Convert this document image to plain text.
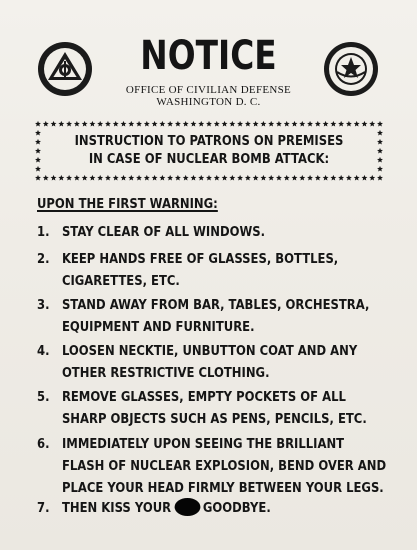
NOTICE
OFFICE OF CIVILIAN DEFENSE
WASHINGTON D. C.
INSTRUCTION TO PATRONS ON PREMISES
IN CASE OF NUCLEAR BOMB ATTACK:
UPON THE FIRST WARNING:
1. STAY CLEAR OF ALL WINDOWS.
2. KEEP HANDS FREE OF GLASSES, BOTTLES,
CIGARETTES, ETC.
3. STAND AWAY FROM BAR, TABLES, ORCHESTRA,
EQUIPMENT AND FURNITURE.
4. LOOSEN NECKTIE, UNBUTTON COAT AND ANY
OTHER RESTRICTIVE CLOTHING.
5. REMOVE GLASSES, EMPTY POCKETS OF ALL
SHARP OBJECTS SUCH AS PENS, PENCILS, ETC.
6. IMMEDIATELY UPON SEEING THE BRILLIANT
FLASH OF NUCLEAR EXPLOSION, BEND OVER AND
PLACE YOUR HEAD FIRMLY BETWEEN YOUR LEGS.
7. THEN KISS YOUR GOODBYE.
